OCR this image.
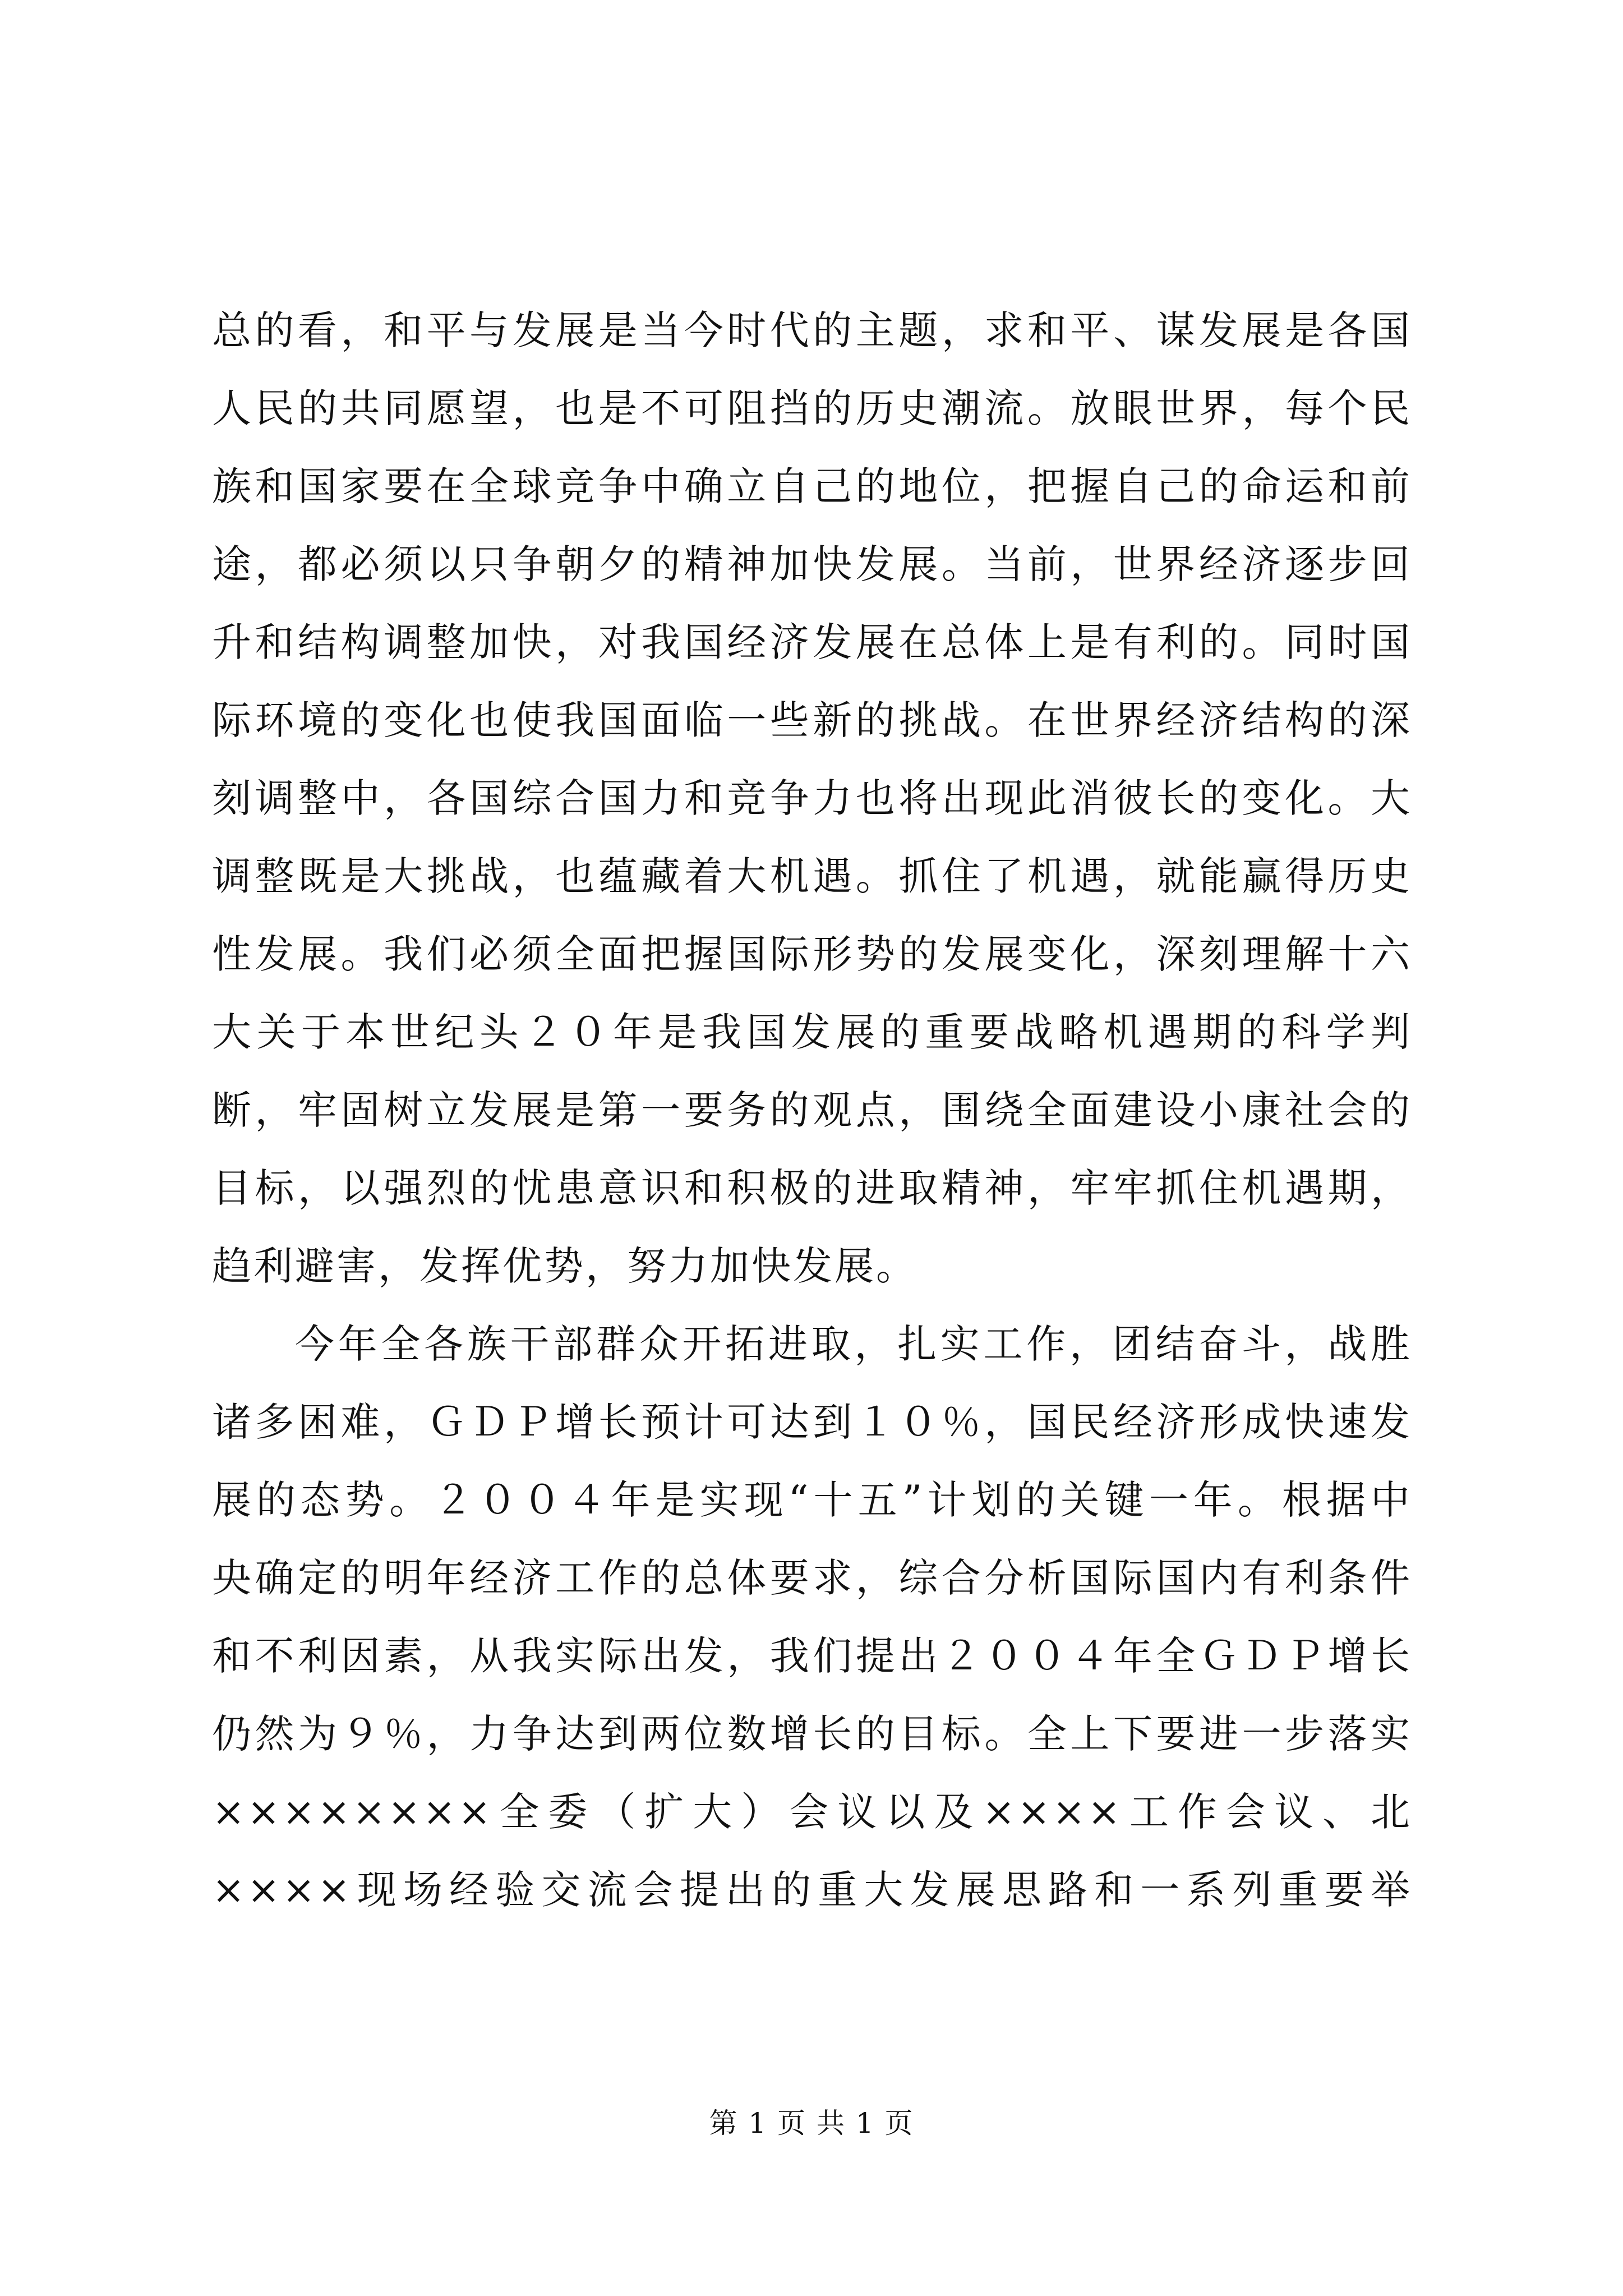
总的看，和平与发展是当今时代的主题，求和平、谋发展是各国
人民的共同愿望，也是不可阻挡的历史潮流。放眼世界，每个民
族和国家要在全球竞争中确立自己的地位，把握自己的命运和前
途，都必须以只争朝夕的精神加快发展。当前，世界经济逐步回
升和结构调整加快，对我国经济发展在总体上是有利的。同时国
际环境的变化也使我国面临一些新的挑战。在世界经济结构的深
刻调整中，各国综合国力和竞争力也将出现此消彼长的变化。大
调整既是大挑战，也蕴藏着大机遇。抓住了机遇，就能赢得历史
性发展。我们必须全面把握国际形势的发展变化，深刻理解十六
大关于本世纪头２０年是我国发展的重要战略机遇期的科学判
断，牢固树立发展是第一要务的观点，围绕全面建设小康社会的
目标，以强烈的忧患意识和积极的进取精神，牢牢抓住机遇期，
趋利避害，发挥优势，努力加快发展。
今年全各族干部群众开拓进取，扎实工作，团结奋斗，战胜
诸多困难，ＧＤＰ增长预计可达到１０％，国民经济形成快速发
展的态势。２００４年是实现“十五”计划的关键一年。根据中
央确定的明年经济工作的总体要求，综合分析国际国内有利条件
和不利因素，从我实际出发，我们提出２００４年全ＧＤＰ增长
仍然为９％，力争达到两位数增长的目标。全上下要进一步落实
××××××××全委（扩大）会议以及××××工作会议、北
××××现场经验交流会提出的重大发展思路和一系列重要举
第 1 页 共 1 页
